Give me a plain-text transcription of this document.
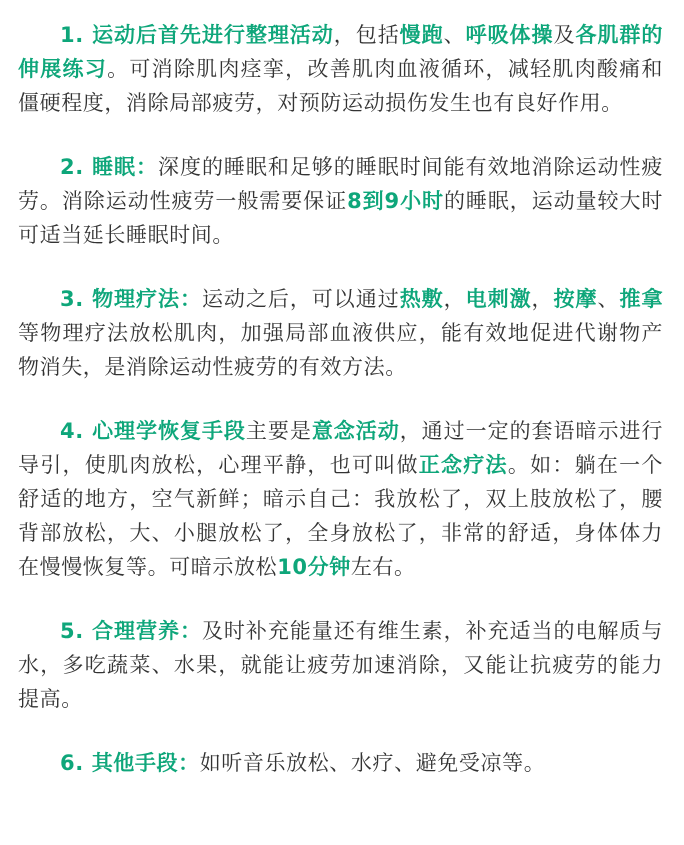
1. 运动后首先进行整理活动，包括慢跑、呼吸体操及各肌群的伸展练习。可消除肌肉痉挛，改善肌肉血液循环，减轻肌肉酸痛和僵硬程度，消除局部疲劳，对预防运动损伤发生也有良好作用。

2. 睡眠：深度的睡眠和足够的睡眠时间能有效地消除运动性疲劳。消除运动性疲劳一般需要保证8到9小时的睡眠，运动量较大时可适当延长睡眠时间。

3. 物理疗法：运动之后，可以通过热敷，电刺激，按摩、推拿等物理疗法放松肌肉，加强局部血液供应，能有效地促进代谢物产物消失，是消除运动性疲劳的有效方法。

4. 心理学恢复手段主要是意念活动，通过一定的套语暗示进行导引，使肌肉放松，心理平静，也可叫做正念疗法。如：躺在一个舒适的地方，空气新鲜；暗示自己：我放松了，双上肢放松了，腰背部放松，大、小腿放松了，全身放松了，非常的舒适，身体体力在慢慢恢复等。可暗示放松10分钟左右。

5. 合理营养：及时补充能量还有维生素，补充适当的电解质与水，多吃蔬菜、水果，就能让疲劳加速消除，又能让抗疲劳的能力提高。

6. 其他手段：如听音乐放松、水疗、避免受凉等。
